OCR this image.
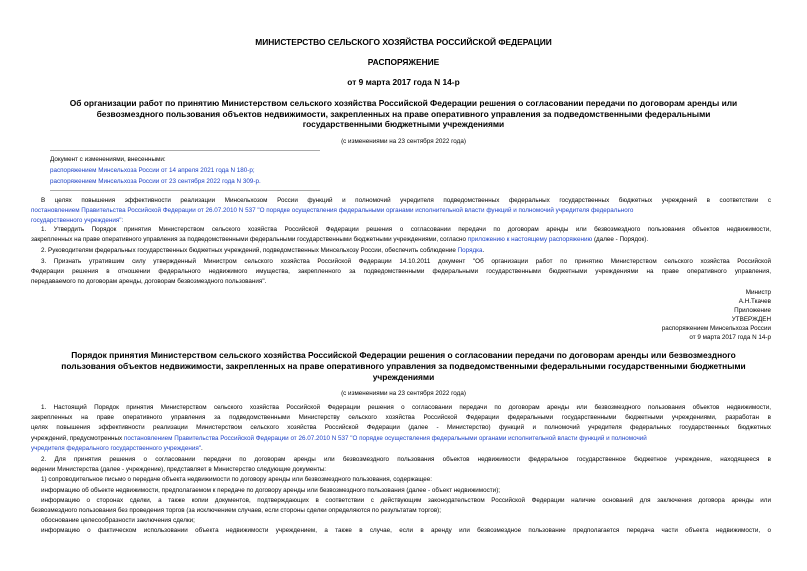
МИНИСТЕРСТВО СЕЛЬСКОГО ХОЗЯЙСТВА РОССИЙСКОЙ ФЕДЕРАЦИИ
РАСПОРЯЖЕНИЕ
от 9 марта 2017 года N 14-р
Об организации работ по принятию Министерством сельского хозяйства Российской Федерации решения о согласовании передачи по договорам аренды или
безвозмездного пользования объектов недвижимости, закрепленных на праве оперативного управления за подведомственными федеральными
государственными бюджетными учреждениями
(с изменениями на 23 сентября 2022 года)
Документ с изменениями, внесенными:
распоряжением Минсельхоза России от 14 апреля 2021 года N 180-р;
распоряжением Минсельхоза России от 23 сентября 2022 года N 309-р.
В целях повышения эффективности реализации Минсельхозом России функций и полномочий учредителя подведомственных федеральных государственных бюджетных учреждений в соответствии с
постановлением Правительства Российской Федерации от 26.07.2010 N 537 "О порядке осуществления федеральными органами исполнительной власти функций и полномочий учредителя федерального
государственного учреждения":
1. Утвердить Порядок принятия Министерством сельского хозяйства Российской Федерации решения о согласовании передачи по договорам аренды или безвозмездного пользования объектов недвижимости,
закрепленных на праве оперативного управления за подведомственными федеральными государственными бюджетными учреждениями, согласно приложению к настоящему распоряжению (далее - Порядок).
2. Руководителям федеральных государственных бюджетных учреждений, подведомственных Минсельхозу России, обеспечить соблюдение Порядка.
3. Признать утратившим силу утвержденный Министром сельского хозяйства Российской Федерации 14.10.2011 документ "Об организации работ по принятию Министерством сельского хозяйства Российской
Федерации решения в отношении федерального недвижимого имущества, закрепленного за подведомственными федеральными государственными бюджетными учреждениями на праве оперативного управления,
передаваемого по договорам аренды, договорам безвозмездного пользования".
Министр
А.Н.Ткачев
Приложение
УТВЕРЖДЕН
распоряжением Минсельхоза России
от 9 марта 2017 года N 14-р
Порядок принятия Министерством сельского хозяйства Российской Федерации решения о согласовании передачи по договорам аренды или безвозмездного
пользования объектов недвижимости, закрепленных на праве оперативного управления за подведомственными федеральными государственными бюджетными
учреждениями
(с изменениями на 23 сентября 2022 года)
1. Настоящий Порядок принятия Министерством сельского хозяйства Российской Федерации решения о согласовании передачи по договорам аренды или безвозмездного пользования объектов недвижимости,
закрепленных на праве оперативного управления за подведомственными Министерству сельского хозяйства Российской Федерации федеральными государственными бюджетными учреждениями, разработан в
целях повышения эффективности реализации Министерством сельского хозяйства Российской Федерации (далее - Министерство) функций и полномочий учредителя федеральных государственных бюджетных
учреждений, предусмотренных постановлением Правительства Российской Федерации от 26.07.2010 N 537 "О порядке осуществления федеральными органами исполнительной власти функций и полномочий
учредителя федерального государственного учреждения".
2. Для принятия решения о согласовании передачи по договорам аренды или безвозмездного пользования объектов недвижимости федеральное государственное бюджетное учреждение, находящееся в
ведении Министерства (далее - учреждение), представляет в Министерство следующие документы:
1) сопроводительное письмо о передаче объекта недвижимости по договору аренды или безвозмездного пользования, содержащее:
информацию об объекте недвижимости, предполагаемом к передаче по договору аренды или безвозмездного пользования (далее - объект недвижимости);
информацию о сторонах сделки, а также копии документов, подтверждающих в соответствии с действующим законодательством Российской Федерации наличие оснований для заключения договора аренды или
безвозмездного пользования без проведения торгов (за исключением случаев, если стороны сделки определяются по результатам торгов);
обоснование целесообразности заключения сделки;
информацию о фактическом использовании объекта недвижимости учреждением, а также в случае, если в аренду или безвозмездное пользование предполагается передача части объекта недвижимости, о
